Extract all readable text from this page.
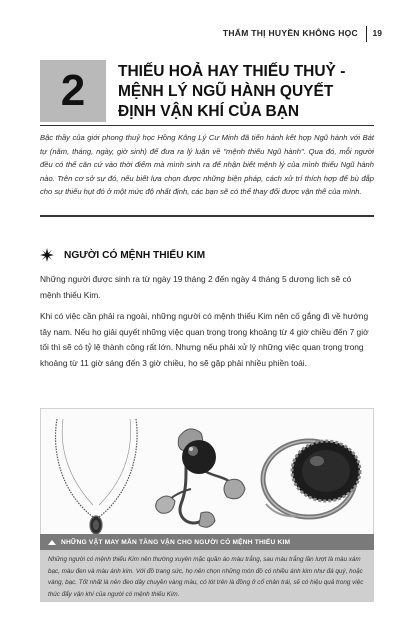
THẨM THỊ HUYỀN KHÔNG HỌC 19
2 THIẾU HOẢ HAY THIẾU THUỶ - MỆNH LÝ NGŨ HÀNH QUYẾT ĐỊNH VẬN KHÍ CỦA BẠN
Bậc thầy của giới phong thuỷ học Hồng Kông Lý Cư Minh đã tiến hành kết hợp Ngũ hành với Bát tự (năm, tháng, ngày, giờ sinh) để đưa ra lý luận về "mệnh thiếu Ngũ hành". Qua đó, mỗi người đều có thể căn cứ vào thời điểm mà mình sinh ra để nhận biết mệnh lý của mình thiếu Ngũ hành nào. Trên cơ sở sự đó, nếu biết lựa chọn được những biện pháp, cách xử trí thích hợp để bù đắp cho sự thiếu hụt đó ở một mức độ nhất định, các bạn sẽ có thể thay đổi được vận thế của mình.
NGƯỜI CÓ MỆNH THIẾU KIM

Những người được sinh ra từ ngày 19 tháng 2 đến ngày 4 tháng 5 dương lịch sẽ có mệnh thiếu Kim.

Khi có việc cần phải ra ngoài, những người có mệnh thiếu Kim nên cố gắng đi về hướng tây nam. Nếu họ giải quyết những việc quan trọng trong khoảng từ 4 giờ chiều đến 7 giờ tối thì sẽ có tỷ lệ thành công rất lớn. Nhưng nếu phải xử lý những việc quan trọng trong khoảng từ 11 giờ sáng đến 3 giờ chiều, họ sẽ gặp phải nhiều phiền toái.

NHỮNG VẬT MAY MẮN TĂNG VẬN CHO NGƯỜI CÓ MỆNH THIẾU KIM
Những người có mệnh thiếu Kim nên thường xuyên mặc quần áo màu trắng, sau màu trắng lần lượt là màu xám bạc, màu đen và màu ánh kim. Với đồ trang sức, họ nên chọn những món đồ có nhiều ánh kim như đá quý, hoặc vàng, bạc. Tốt nhất là nên đeo dây chuyền vàng màu, có lót trên là đồng ở cổ chân trái, sẽ có hiệu quả trong việc thúc đẩy vận khí của người có mệnh thiếu Kim.
